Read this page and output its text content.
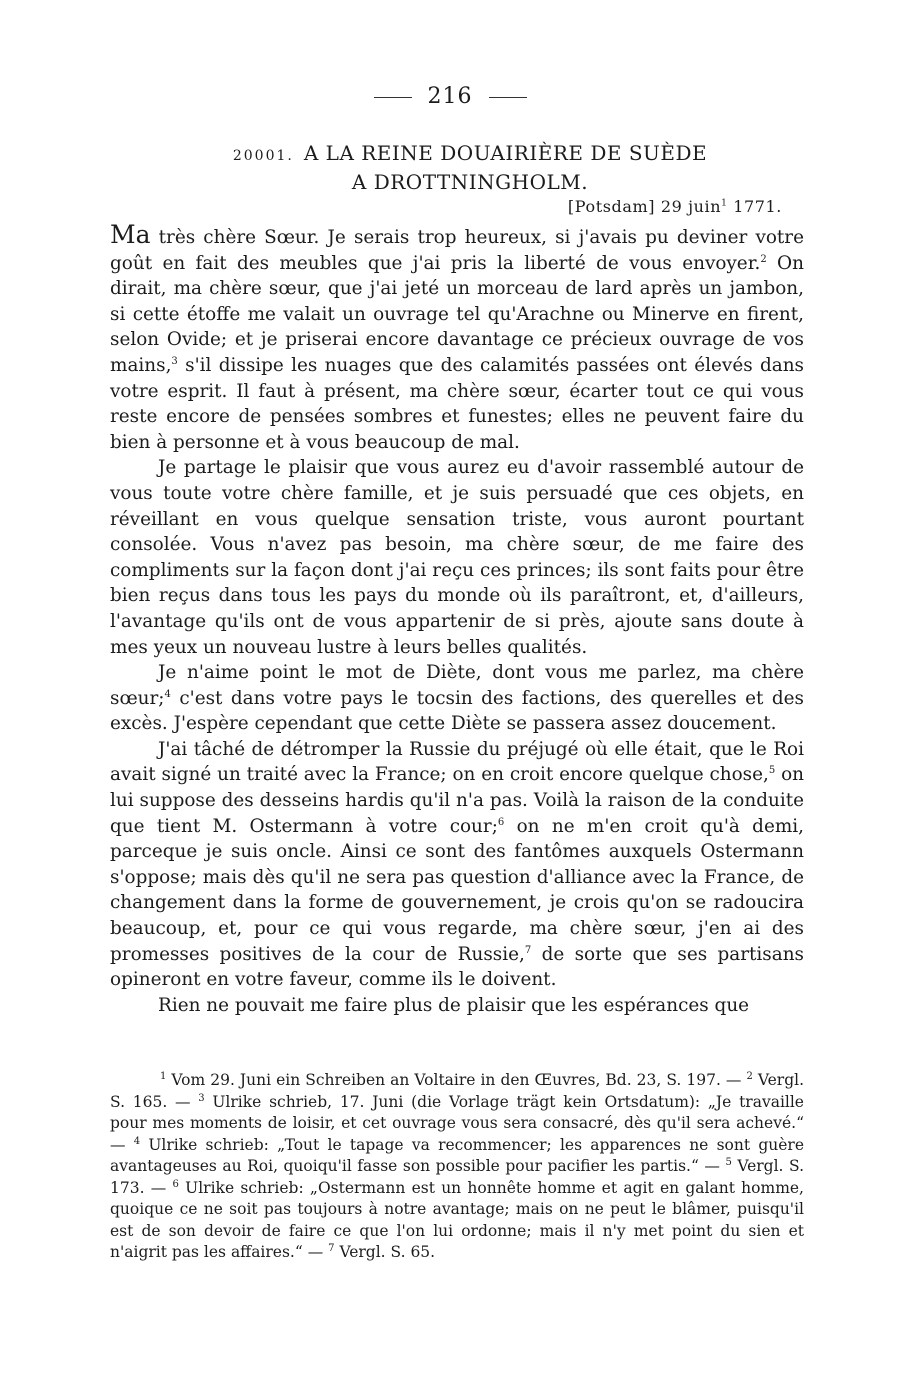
216
20001. A LA REINE DOUAIRIÈRE DE SUÈDE
A DROTTNINGHOLM.
[Potsdam] 29 juin$^1$ 1771.

Ma très chère Sœur. Je serais trop heureux, si j'avais pu deviner votre goût en fait des meubles que j'ai pris la liberté de vous envoyer.$^2$ On dirait, ma chère sœur, que j'ai jeté un morceau de lard après un jambon, si cette étoffe me valait un ouvrage tel qu'Arachne ou Minerve en firent, selon Ovide; et je priserai encore davantage ce précieux ouvrage de vos mains,$^3$ s'il dissipe les nuages que des calamités passées ont élevés dans votre esprit. Il faut à présent, ma chère sœur, écarter tout ce qui vous reste encore de pensées sombres et funestes; elles ne peuvent faire du bien à personne et à vous beaucoup de mal.

Je partage le plaisir que vous aurez eu d'avoir rassemblé autour de vous toute votre chère famille, et je suis persuadé que ces objets, en réveillant en vous quelque sensation triste, vous auront pourtant consolée. Vous n'avez pas besoin, ma chère sœur, de me faire des compliments sur la façon dont j'ai reçu ces princes; ils sont faits pour être bien reçus dans tous les pays du monde où ils paraîtront, et, d'ailleurs, l'avantage qu'ils ont de vous appartenir de si près, ajoute sans doute à mes yeux un nouveau lustre à leurs belles qualités.

Je n'aime point le mot de Diète, dont vous me parlez, ma chère sœur;$^4$ c'est dans votre pays le tocsin des factions, des querelles et des excès. J'espère cependant que cette Diète se passera assez doucement.

J'ai tâché de détromper la Russie du préjugé où elle était, que le Roi avait signé un traité avec la France; on en croit encore quelque chose,$^5$ on lui suppose des desseins hardis qu'il n'a pas. Voilà la raison de la conduite que tient M. Ostermann à votre cour;$^6$ on ne m'en croit qu'à demi, parceque je suis oncle. Ainsi ce sont des fantômes auxquels Ostermann s'oppose; mais dès qu'il ne sera pas question d'alliance avec la France, de changement dans la forme de gouvernement, je crois qu'on se radoucira beaucoup, et, pour ce qui vous regarde, ma chère sœur, j'en ai des promesses positives de la cour de Russie,$^7$ de sorte que ses partisans opineront en votre faveur, comme ils le doivent.

Rien ne pouvait me faire plus de plaisir que les espérances que

$^1$ Vom 29. Juni ein Schreiben an Voltaire in den Œuvres, Bd. 23, S. 197. — $^2$ Vergl. S. 165. — $^3$ Ulrike schrieb, 17. Juni (die Vorlage trägt kein Ortsdatum): „Je travaille pour mes moments de loisir, et cet ouvrage vous sera consacré, dès qu'il sera achevé.“ — $^4$ Ulrike schrieb: „Tout le tapage va recommencer; les apparences ne sont guère avantageuses au Roi, quoiqu'il fasse son possible pour pacifier les partis.“ — $^5$ Vergl. S. 173. — $^6$ Ulrike schrieb: „Ostermann est un honnête homme et agit en galant homme, quoique ce ne soit pas toujours à notre avantage; mais on ne peut le blâmer, puisqu'il est de son devoir de faire ce que l'on lui ordonne; mais il n'y met point du sien et n'aigrit pas les affaires.“ — $^7$ Vergl. S. 65.
